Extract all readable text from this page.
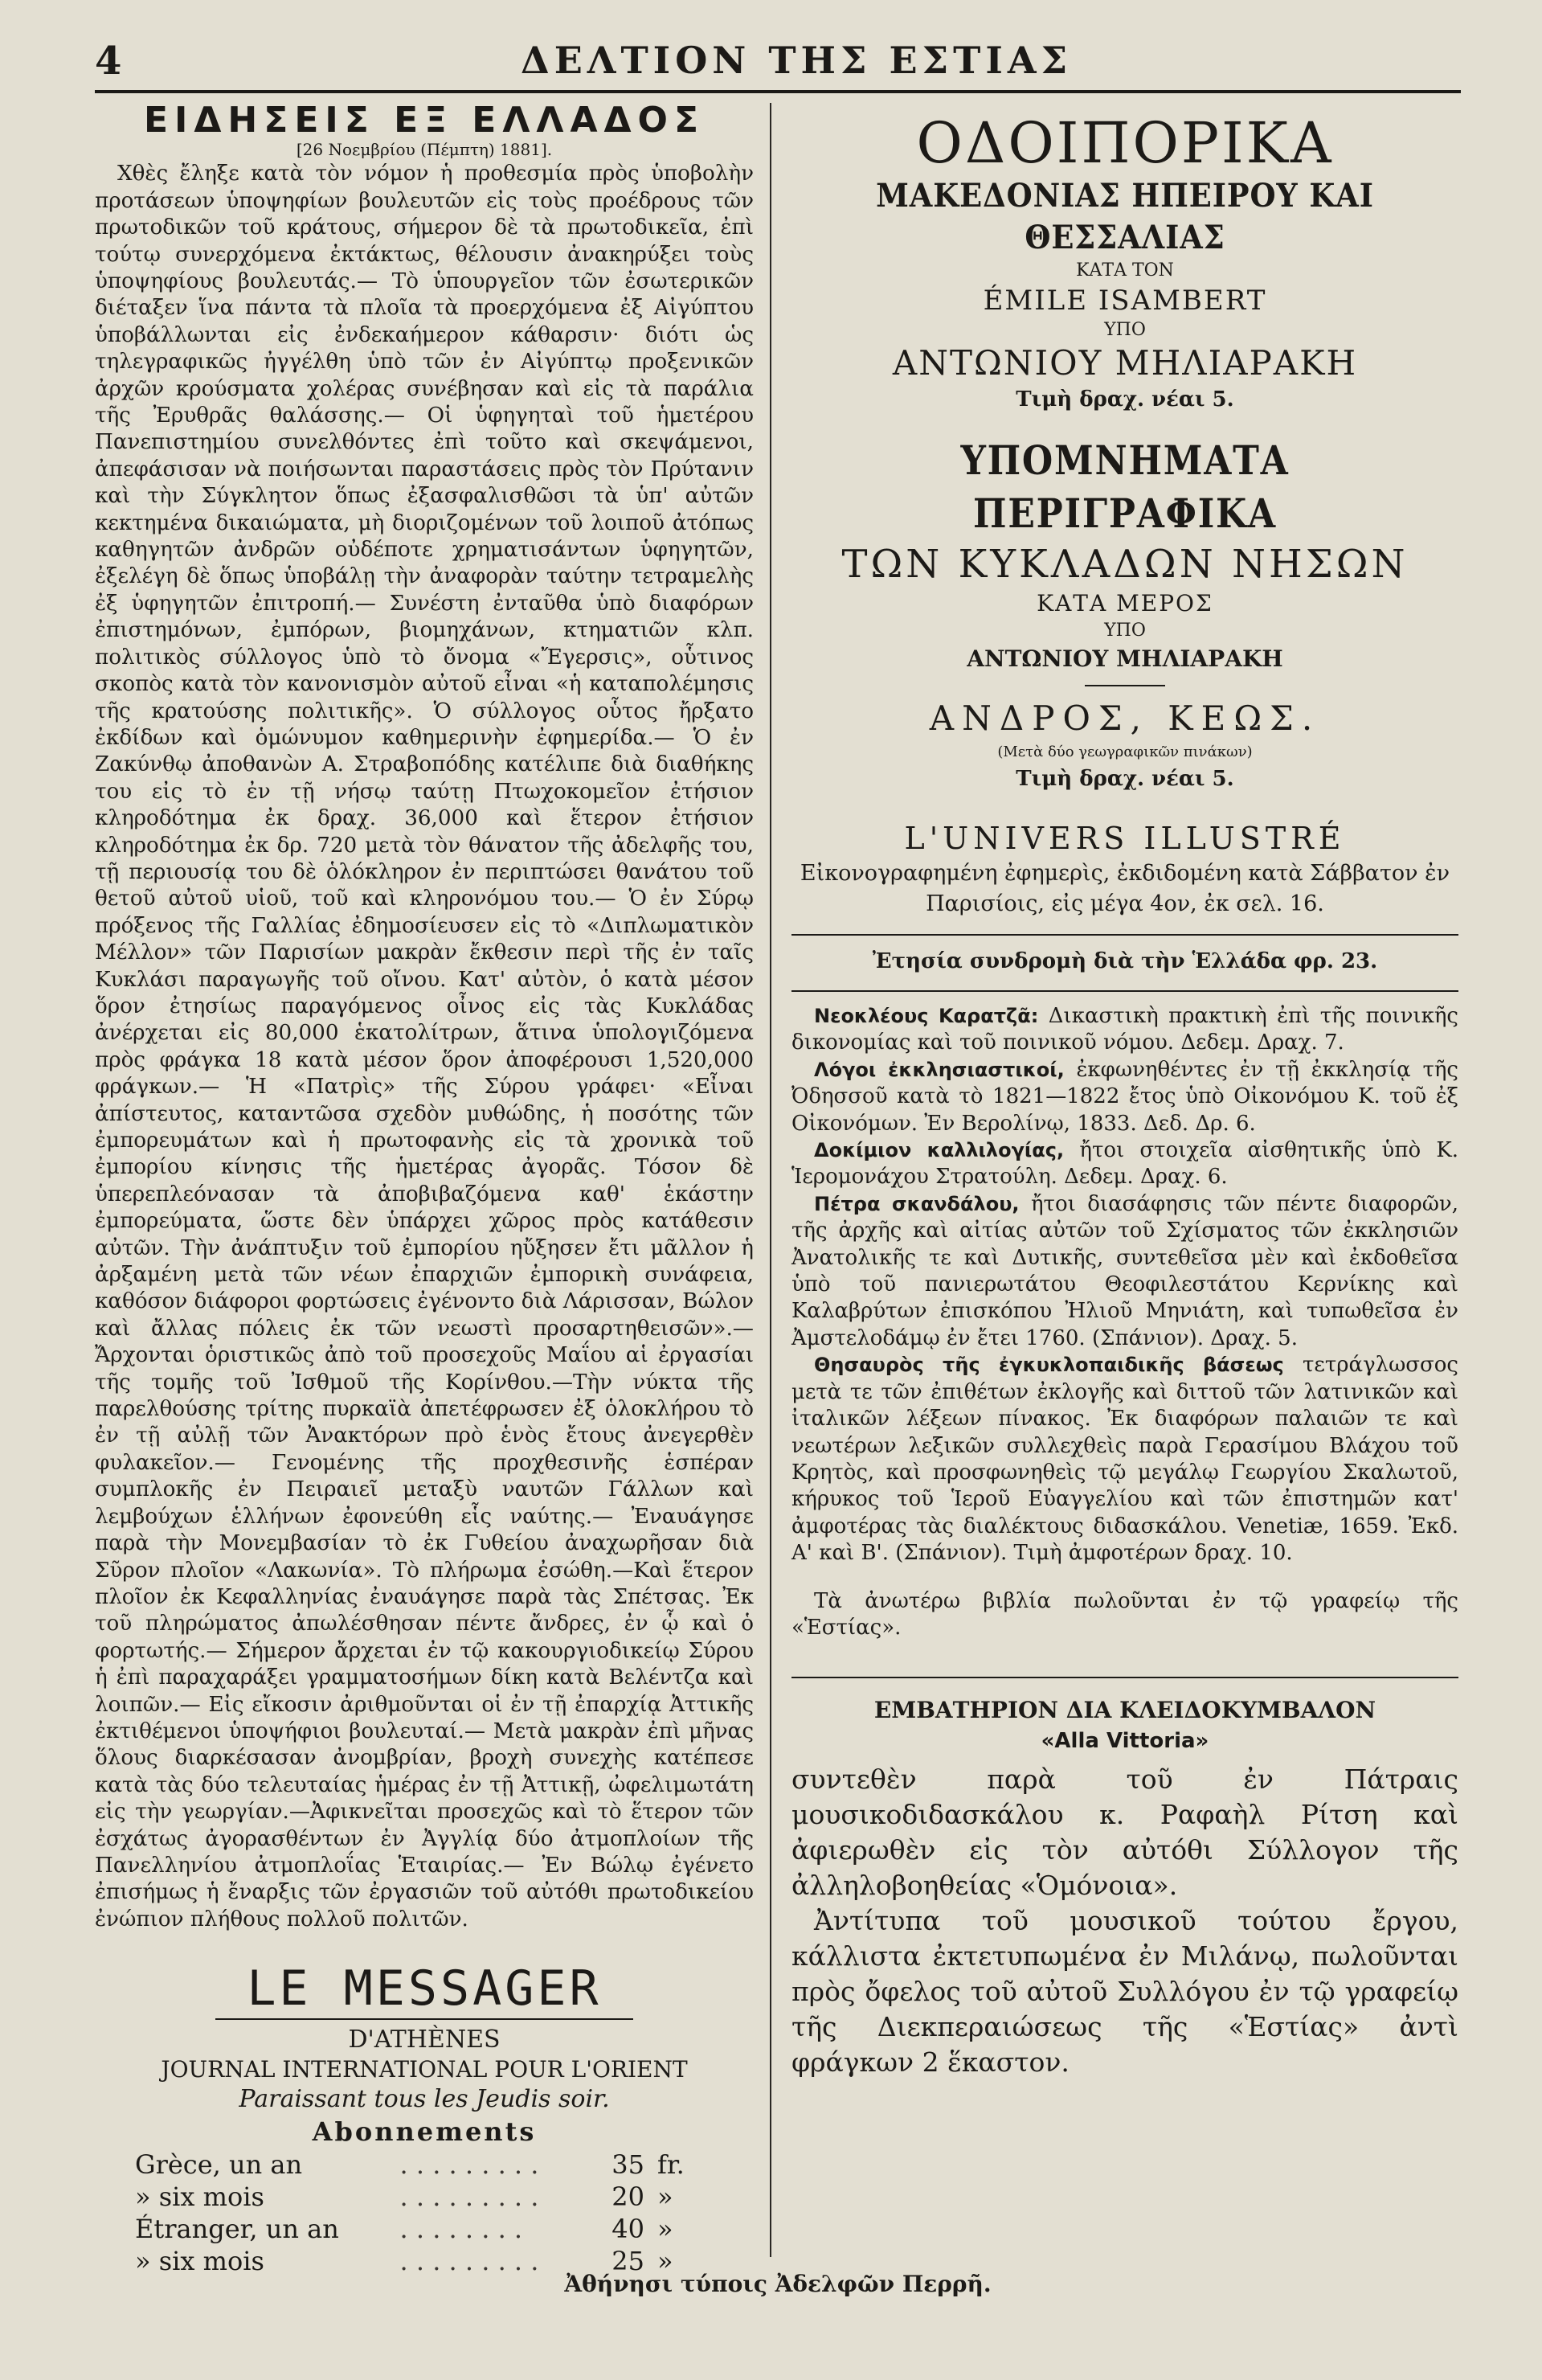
4	ΔΕΛΤΙΟΝ ΤΗΣ ΕΣΤΙΑΣ
ΕΙΔΗΣΕΙΣ ΕΞ ΕΛΛΑΔΟΣ

[26 Νοεμβρίου (Πέμπτη) 1881].

Χθὲς ἔληξε κατὰ τὸν νόμον ἡ προθεσμία πρὸς ὑποβολὴν προτάσεων ὑποψηφίων βουλευτῶν εἰς τοὺς προέδρους τῶν πρωτοδικῶν τοῦ κράτους, σήμερον δὲ τὰ πρωτοδικεῖα, ἐπὶ τούτῳ συνερχόμενα ἐκτάκτως, θέλουσιν ἀνακηρύξει τοὺς ὑποψηφίους βουλευτάς.— Τὸ ὑπουργεῖον τῶν ἐσωτερικῶν διέταξεν ἵνα πάντα τὰ πλοῖα τὰ προερχόμενα ἐξ Αἰγύπτου ὑποβάλλωνται εἰς ἐνδεκαήμερον κάθαρσιν· διότι ὡς τηλεγραφικῶς ἠγγέλθη ὑπὸ τῶν ἐν Αἰγύπτῳ προξενικῶν ἀρχῶν κρούσματα χολέρας συνέβησαν καὶ εἰς τὰ παράλια τῆς Ἐρυθρᾶς θαλάσσης.— Οἱ ὑφηγηταὶ τοῦ ἡμετέρου Πανεπιστημίου συνελθόντες ἐπὶ τοῦτο καὶ σκεψάμενοι, ἀπεφάσισαν νὰ ποιήσωνται παραστάσεις πρὸς τὸν Πρύτανιν καὶ τὴν Σύγκλητον ὅπως ἐξασφαλισθῶσι τὰ ὑπ' αὐτῶν κεκτημένα δικαιώματα, μὴ διοριζομένων τοῦ λοιποῦ ἀτόπως καθηγητῶν ἀνδρῶν οὐδέποτε χρηματισάντων ὑφηγητῶν, ἐξελέγη δὲ ὅπως ὑποβάλῃ τὴν ἀναφορὰν ταύτην τετραμελὴς ἐξ ὑφηγητῶν ἐπιτροπή.— Συνέστη ἐνταῦθα ὑπὸ διαφόρων ἐπιστημόνων, ἐμπόρων, βιομηχάνων, κτηματιῶν κλπ. πολιτικὸς σύλλογος ὑπὸ τὸ ὄνομα «Ἔγερσις», οὗτινος σκοπὸς κατὰ τὸν κανονισμὸν αὐτοῦ εἶναι «ἡ καταπολέμησις τῆς κρατούσης πολιτικῆς». Ὁ σύλλογος οὗτος ἤρξατο ἐκδίδων καὶ ὁμώνυμον καθημερινὴν ἐφημερίδα.— Ὁ ἐν Ζακύνθῳ ἀποθανὼν Α. Στραβοπόδης κατέλιπε διὰ διαθήκης του εἰς τὸ ἐν τῇ νήσῳ ταύτῃ Πτωχοκομεῖον ἐτήσιον κληροδότημα ἐκ δραχ. 36,000 καὶ ἕτερον ἐτήσιον κληροδότημα ἐκ δρ. 720 μετὰ τὸν θάνατον τῆς ἀδελφῆς του, τῇ περιουσίᾳ του δὲ ὁλόκληρον ἐν περιπτώσει θανάτου τοῦ θετοῦ αὐτοῦ υἱοῦ, τοῦ καὶ κληρονόμου του.— Ὁ ἐν Σύρῳ πρόξενος τῆς Γαλλίας ἐδημοσίευσεν εἰς τὸ «Διπλωματικὸν Μέλλον» τῶν Παρισίων μακρὰν ἔκθεσιν περὶ τῆς ἐν ταῖς Κυκλάσι παραγωγῆς τοῦ οἴνου. Κατ' αὐτὸν, ὁ κατὰ μέσον ὅρον ἐτησίως παραγόμενος οἶνος εἰς τὰς Κυκλάδας ἀνέρχεται εἰς 80,000 ἑκατολίτρων, ἅτινα ὑπολογιζόμενα πρὸς φράγκα 18 κατὰ μέσον ὅρον ἀποφέρουσι 1,520,000 φράγκων.— Ἡ «Πατρὶς» τῆς Σύρου γράφει· «Εἶναι ἀπίστευτος, καταντῶσα σχεδὸν μυθώδης, ἡ ποσότης τῶν ἐμπορευμάτων καὶ ἡ πρωτοφανὴς εἰς τὰ χρονικὰ τοῦ ἐμπορίου κίνησις τῆς ἡμετέρας ἀγορᾶς. Τόσον δὲ ὑπερεπλεόνασαν τὰ ἀποβιβαζόμενα καθ' ἑκάστην ἐμπορεύματα, ὥστε δὲν ὑπάρχει χῶρος πρὸς κατάθεσιν αὐτῶν. Τὴν ἀνάπτυξιν τοῦ ἐμπορίου ηὔξησεν ἔτι μᾶλλον ἡ ἀρξαμένη μετὰ τῶν νέων ἐπαρχιῶν ἐμπορικὴ συνάφεια, καθόσον διάφοροι φορτώσεις ἐγένοντο διὰ Λάρισσαν, Βώλον καὶ ἄλλας πόλεις ἐκ τῶν νεωστὶ προσαρτηθεισῶν».—Ἄρχονται ὁριστικῶς ἀπὸ τοῦ προσεχοῦς Μαΐου αἱ ἐργασίαι τῆς τομῆς τοῦ Ἰσθμοῦ τῆς Κορίνθου.—Τὴν νύκτα τῆς παρελθούσης τρίτης πυρκαϊὰ ἀπετέφρωσεν ἐξ ὁλοκλήρου τὸ ἐν τῇ αὐλῇ τῶν Ἀνακτόρων πρὸ ἑνὸς ἔτους ἀνεγερθὲν φυλακεῖον.— Γενομένης τῆς προχθεσινῆς ἑσπέραν συμπλοκῆς ἐν Πειραιεῖ μεταξὺ ναυτῶν Γάλλων καὶ λεμβούχων ἑλλήνων ἐφονεύθη εἷς ναύτης.— Ἐναυάγησε παρὰ τὴν Μονεμβασίαν τὸ ἐκ Γυθείου ἀναχωρῆσαν διὰ Σῦρον πλοῖον «Λακωνία». Τὸ πλήρωμα ἐσώθη.—Καὶ ἕτερον πλοῖον ἐκ Κεφαλληνίας ἐναυάγησε παρὰ τὰς Σπέτσας. Ἐκ τοῦ πληρώματος ἀπωλέσθησαν πέντε ἄνδρες, ἐν ᾧ καὶ ὁ φορτωτής.— Σήμερον ἄρχεται ἐν τῷ κακουργιοδικείῳ Σύρου ἡ ἐπὶ παραχαράξει γραμματοσήμων δίκη κατὰ Βελέντζα καὶ λοιπῶν.— Εἰς εἴκοσιν ἀριθμοῦνται οἱ ἐν τῇ ἐπαρχίᾳ Ἀττικῆς ἐκτιθέμενοι ὑποψήφιοι βουλευταί.— Μετὰ μακρὰν ἐπὶ μῆνας ὅλους διαρκέσασαν ἀνομβρίαν, βροχὴ συνεχὴς κατέπεσε κατὰ τὰς δύο τελευταίας ἡμέρας ἐν τῇ Ἀττικῇ, ὠφελιμωτάτη εἰς τὴν γεωργίαν.—Ἀφικνεῖται προσεχῶς καὶ τὸ ἕτερον τῶν ἐσχάτως ἀγορασθέντων ἐν Ἀγγλίᾳ δύο ἀτμοπλοίων τῆς Πανελληνίου ἀτμοπλοΐας Ἑταιρίας.— Ἐν Βώλῳ ἐγένετο ἐπισήμως ἡ ἔναρξις τῶν ἐργασιῶν τοῦ αὐτόθι πρωτοδικείου ἐνώπιον πλήθους πολλοῦ πολιτῶν.

LE MESSAGER
D'ATHÈNES
JOURNAL INTERNATIONAL POUR L'ORIENT
Paraissant tous les Jeudis soir.
Abonnements
Grèce, un an	. . . . . . . . .	35	fr.
» six mois	. . . . . . . . .	20	»
Étranger, un an	. . . . . . . .	40	»
» six mois	. . . . . . . . .	25	»
ΟΔΟΙΠΟΡΙΚΑ
ΜΑΚΕΔΟΝΙΑΣ ΗΠΕΙΡΟΥ ΚΑΙ ΘΕΣΣΑΛΙΑΣ
ΚΑΤΑ ΤΟΝ
ÉMILE ISAMBERT
ΥΠΟ
ΑΝΤΩΝΙΟΥ ΜΗΛΙΑΡΑΚΗ
Τιμὴ δραχ. νέαι 5.
ΥΠΟΜΝΗΜΑΤΑ ΠΕΡΙΓΡΑΦΙΚΑ
ΤΩΝ ΚΥΚΛΑΔΩΝ ΝΗΣΩΝ
ΚΑΤΑ ΜΕΡΟΣ
ΥΠΟ
ΑΝΤΩΝΙΟΥ ΜΗΛΙΑΡΑΚΗ
ΑΝΔΡΟΣ, ΚΕΩΣ.
(Μετὰ δύο γεωγραφικῶν πινάκων)
Τιμὴ δραχ. νέαι 5.
L'UNIVERS ILLUSTRÉ
Εἰκονογραφημένη ἐφημερὶς, ἐκδιδομένη κατὰ Σάββατον ἐν Παρισίοις, εἰς μέγα 4ον, ἐκ σελ. 16.
Ἐτησία συνδρομὴ διὰ τὴν Ἑλλάδα φρ. 23.

Νεοκλέους Καρατζᾶ: Δικαστικὴ πρακτικὴ ἐπὶ τῆς ποινικῆς δικονομίας καὶ τοῦ ποινικοῦ νόμου. Δεδεμ. Δραχ. 7.

Λόγοι ἐκκλησιαστικοί, ἐκφωνηθέντες ἐν τῇ ἐκκλησίᾳ τῆς Ὀδησσοῦ κατὰ τὸ 1821—1822 ἔτος ὑπὸ Οἰκονόμου Κ. τοῦ ἐξ Οἰκονόμων. Ἐν Βερολίνῳ, 1833. Δεδ. Δρ. 6.

Δοκίμιον καλλιλογίας, ἤτοι στοιχεῖα αἰσθητικῆς ὑπὸ Κ. Ἱερομονάχου Στρατούλη. Δεδεμ. Δραχ. 6.

Πέτρα σκανδάλου, ἤτοι διασάφησις τῶν πέντε διαφορῶν, τῆς ἀρχῆς καὶ αἰτίας αὐτῶν τοῦ Σχίσματος τῶν ἐκκλησιῶν Ἀνατολικῆς τε καὶ Δυτικῆς, συντεθεῖσα μὲν καὶ ἐκδοθεῖσα ὑπὸ τοῦ πανιερωτάτου Θεοφιλεστάτου Κερνίκης καὶ Καλαβρύτων ἐπισκόπου Ἠλιοῦ Μηνιάτη, καὶ τυπωθεῖσα ἐν Ἀμστελοδάμῳ ἐν ἔτει 1760. (Σπάνιον). Δραχ. 5.

Θησαυρὸς τῆς ἐγκυκλοπαιδικῆς βάσεως τετράγλωσσος μετὰ τε τῶν ἐπιθέτων ἐκλογῆς καὶ διττοῦ τῶν λατινικῶν καὶ ἰταλικῶν λέξεων πίνακος. Ἐκ διαφόρων παλαιῶν τε καὶ νεωτέρων λεξικῶν συλλεχθεὶς παρὰ Γερασίμου Βλάχου τοῦ Κρητὸς, καὶ προσφωνηθεὶς τῷ μεγάλῳ Γεωργίου Σκαλωτοῦ, κήρυκος τοῦ Ἱεροῦ Εὐαγγελίου καὶ τῶν ἐπιστημῶν κατ' ἀμφοτέρας τὰς διαλέκτους διδασκάλου. Venetiæ, 1659. Ἐκδ. Α' καὶ Β'. (Σπάνιον). Τιμὴ ἀμφοτέρων δραχ. 10.

Τὰ ἀνωτέρω βιβλία πωλοῦνται ἐν τῷ γραφείῳ τῆς «Ἑστίας».

ΕΜΒΑΤΗΡΙΟΝ ΔΙΑ ΚΛΕΙΔΟΚΥΜΒΑΛΟΝ
«Alla Vittoria»

συντεθὲν παρὰ τοῦ ἐν Πάτραις μουσικοδιδασκάλου κ. Ραφαὴλ Ρίτση καὶ ἀφιερωθὲν εἰς τὸν αὐτόθι Σύλλογον τῆς ἀλληλοβοηθείας «Ὁμόνοια».

Ἀντίτυπα τοῦ μουσικοῦ τούτου ἔργου, κάλλιστα ἐκτετυπωμένα ἐν Μιλάνῳ, πωλοῦνται πρὸς ὄφελος τοῦ αὐτοῦ Συλλόγου ἐν τῷ γραφείῳ τῆς Διεκπεραιώσεως τῆς «Ἑστίας» ἀντὶ φράγκων 2 ἕκαστον.

Ἀθήνησι τύποις Ἀδελφῶν Περρῆ.
